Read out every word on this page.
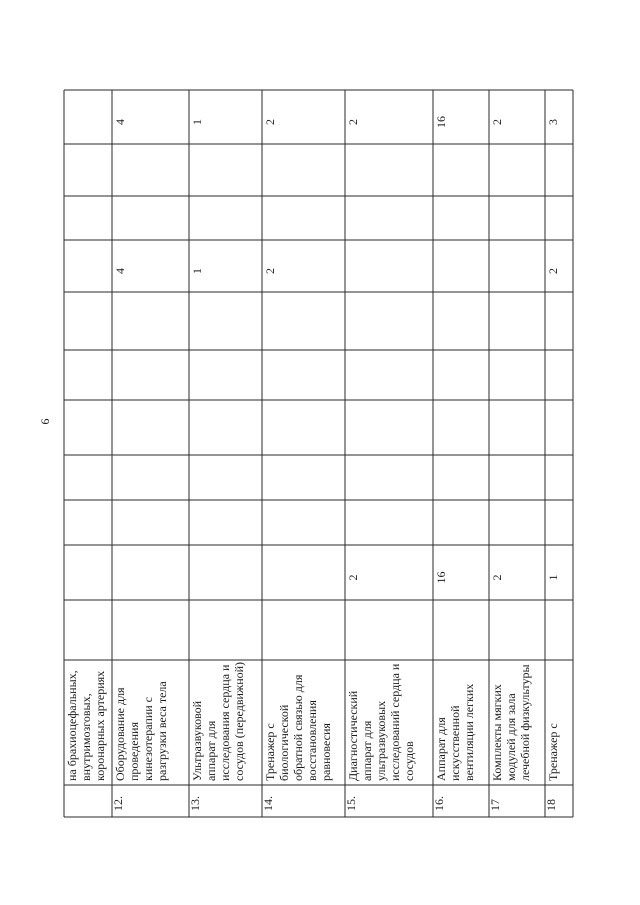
9
на брахиоцефальных, внутримозговых, коронарных артериях
12.
Оборудование для проведения кинезотерапии с разгрузки веса тела
4
4
13.
Ультразвуковой аппарат для исследования сердца и сосудов (передвижной)
1
1
14.
Тренажер с биологической обратной связью для восстановления равновесия
2
2
15.
Диагностический аппарат для ультразвуковых исследований сердца и сосудов
2
2
16.
Аппарат для искусственной вентиляции легких
16
16
17
Комплекты мягких модулей для зала лечебной физкультуры
2
2
18
Тренажер с
1
2
3
